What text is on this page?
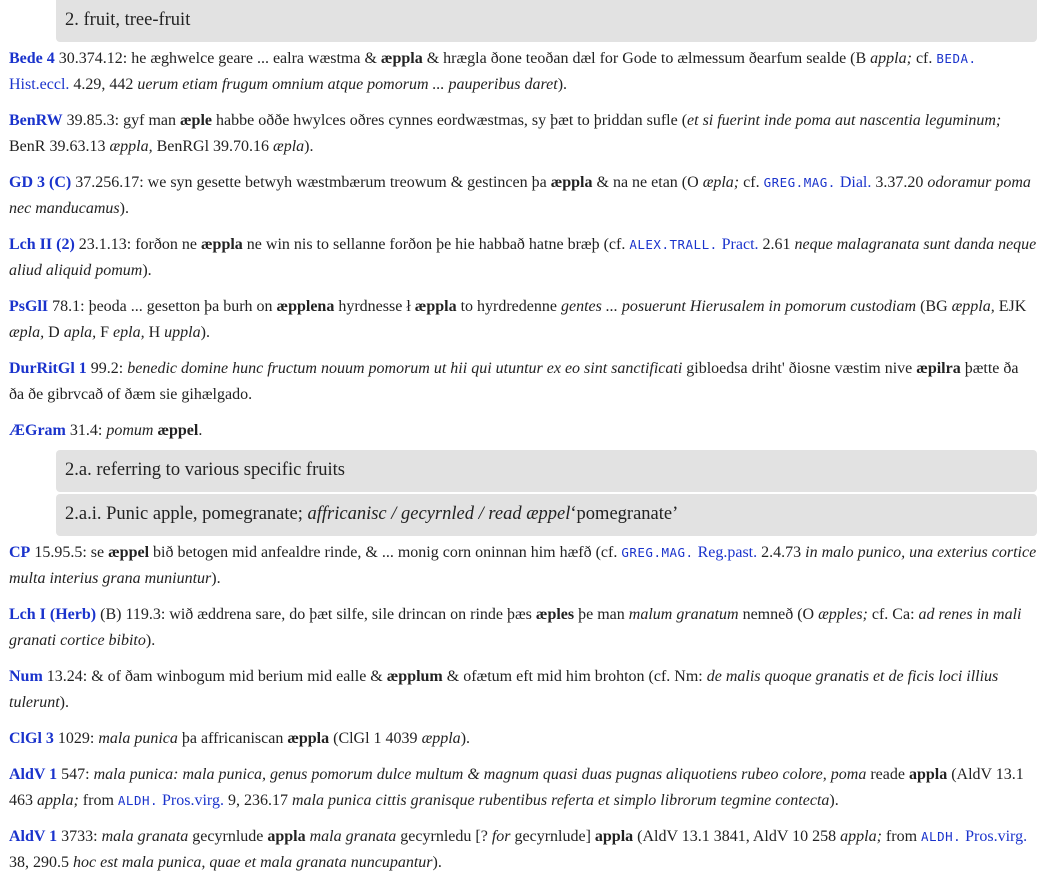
2. fruit, tree-fruit

Bede 4 30.374.12: he æghwelce geare ... ealra wæstma & æppla & hrægla ðone teoðan dæl for Gode to ælmessum ðearfum sealde (B appla; cf. BEDA. Hist.eccl. 4.29, 442 uerum etiam frugum omnium atque pomorum ... pauperibus daret).

BenRW 39.85.3: gyf man æple habbe oððe hwylces oðres cynnes eordwæstmas, sy þæt to þriddan sufle (et si fuerint inde poma aut nascentia leguminum; BenR 39.63.13 æppla, BenRGl 39.70.16 æpla).

GD 3 (C) 37.256.17: we syn gesette betwyh wæstmbærum treowum & gestincen þa æppla & na ne etan (O æpla; cf. GREG.MAG. Dial. 3.37.20 odoramur poma nec manducamus).

Lch II (2) 23.1.13: forðon ne æppla ne win nis to sellanne forðon þe hie habbað hatne bræþ (cf. ALEX.TRALL. Pract. 2.61 neque malagranata sunt danda neque aliud aliquid pomum).

PsGlI 78.1: þeoda ... gesetton þa burh on æpplena hyrdnesse ł æppla to hyrdredenne gentes ... posuerunt Hierusalem in pomorum custodiam (BG æppla, EJK æpla, D apla, F epla, H uppla).

DurRitGl 1 99.2: benedic domine hunc fructum nouum pomorum ut hii qui utuntur ex eo sint sanctificati gibloedsa driht' ðiosne væstim nive æpilra þætte ða ða ðe gibrvcað of ðæm sie gihælgado.

ÆGram 31.4: pomum æppel.

2.a. referring to various specific fruits
2.a.i. Punic apple, pomegranate; affricanisc / gecyrnled / read æppel‘pomegranate’

CP 15.95.5: se æppel bið betogen mid anfealdre rinde, & ... monig corn oninnan him hæfð (cf. GREG.MAG. Reg.past. 2.4.73 in malo punico, una exterius cortice multa interius grana muniuntur).

Lch I (Herb) (B) 119.3: wið æddrena sare, do þæt silfe, sile drincan on rinde þæs æples þe man malum granatum nemneð (O æpples; cf. Ca: ad renes in mali granati cortice bibito).

Num 13.24: & of ðam winbogum mid berium mid ealle & æpplum & ofætum eft mid him brohton (cf. Nm: de malis quoque granatis et de ficis loci illius tulerunt).

ClGl 3 1029: mala punica þa affricaniscan æppla (ClGl 1 4039 æppla).

AldV 1 547: mala punica: mala punica, genus pomorum dulce multum & magnum quasi duas pugnas aliquotiens rubeo colore, poma reade appla (AldV 13.1 463 appla; from ALDH. Pros.virg. 9, 236.17 mala punica cittis granisque rubentibus referta et simplo librorum tegmine contecta).

AldV 1 3733: mala granata gecyrnlude appla mala granata gecyrnledu [? for gecyrnlude] appla (AldV 13.1 3841, AldV 10 258 appla; from ALDH. Pros.virg. 38, 290.5 hoc est mala punica, quae et mala granata nuncupantur).
